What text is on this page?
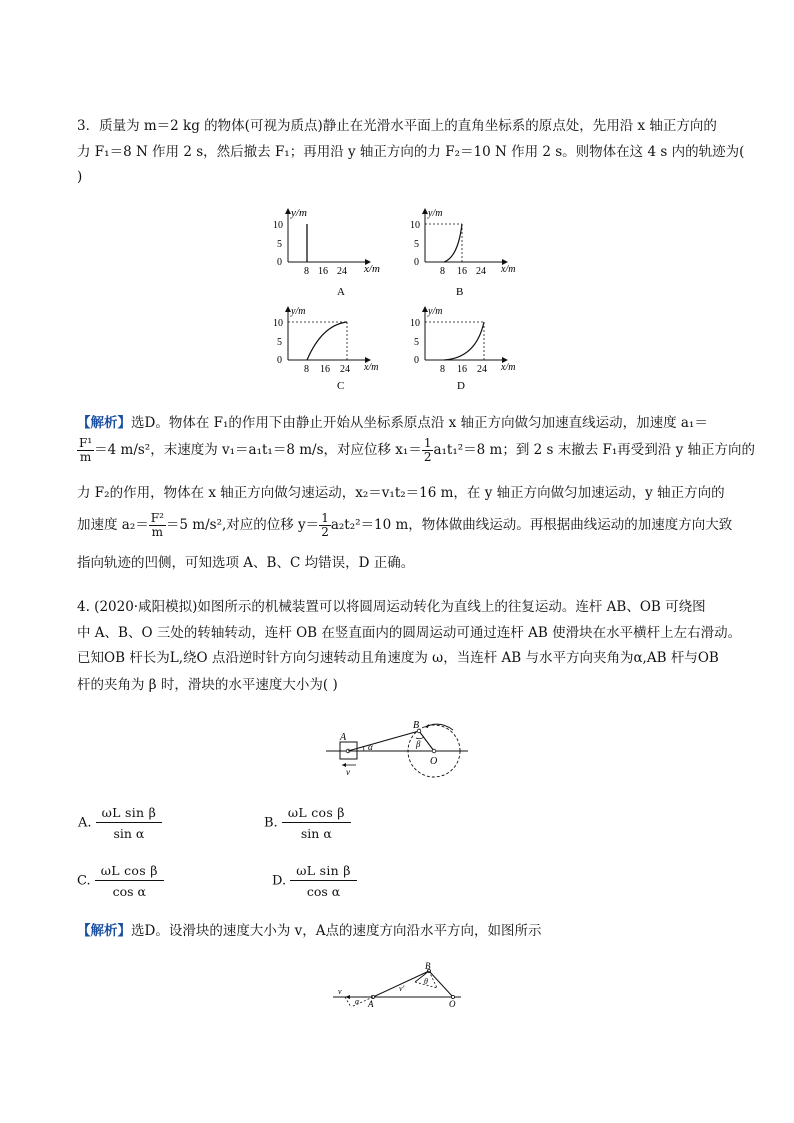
3．质量为 m＝2 kg 的物体(可视为质点)静止在光滑水平面上的直角坐标系的原点处，先用沿 x 轴正方向的
力 F₁＝8 N 作用 2 s，然后撤去 F₁；再用沿 y 轴正方向的力 F₂＝10 N 作用 2 s。则物体在这 4 s 内的轨迹为(
)
y/m
x/m
10
5
0
8 16 24
A
y/m
x/m
10
5
0
8 16 24
B
y/m
x/m
10
5
0
8 16 24
C
y/m
x/m
10
5
0
8 16 24
D
【解析】选D。物体在 F₁的作用下由静止开始从坐标系原点沿 x 轴正方向做匀加速直线运动，加速度 a₁＝
$\frac{\text{F¹}}{m} =4$ m/s²，末速度为 v₁＝a₁t₁＝8 m/s，对应位移 $x_1= \frac{1}{2} a_1t_1^2=8$ m；到 2 s 末撤去 F₁再受到沿 y 轴正方向的
力 F₂的作用，物体在 x 轴正方向做匀速运动，x₂＝v₁t₂＝16 m，在 y 轴正方向做匀加速运动，y 轴正方向的
加速度 $a_2= \frac{\text{F²}}{m} =5$ m/s²,对应的位移 $y= \frac{1}{2} a_2t_2^2=10$ m，物体做曲线运动。再根据曲线运动的加速度方向大致
指向轨迹的凹侧，可知选项 A、B、C 均错误，D 正确。
4. (2020·咸阳模拟)如图所示的机械装置可以将圆周运动转化为直线上的往复运动。连杆 AB、OB 可绕图
中 A、B、O 三处的转轴转动，连杆 OB 在竖直面内的圆周运动可通过连杆 AB 使滑块在水平横杆上左右滑动。
已知OB 杆长为L,绕O 点沿逆时针方向匀速转动且角速度为 ω，当连杆 AB 与水平方向夹角为α,AB 杆与OB
杆的夹角为 β 时，滑块的水平速度大小为( )
A
B
O
α	β
v
A. $\frac{\text{ωL sin β}}{\text{sin α}}$	B. $\frac{\text{ωL cos β}}{\text{sin α}}$
C. $\frac{\text{ωL cos β}}{\text{cos α}}$	D. $\frac{\text{ωL sin β}}{\text{cos α}}$
【解析】选D。设滑块的速度大小为 v，A点的速度方向沿水平方向，如图所示
B
v
α A
v'
θ
O
